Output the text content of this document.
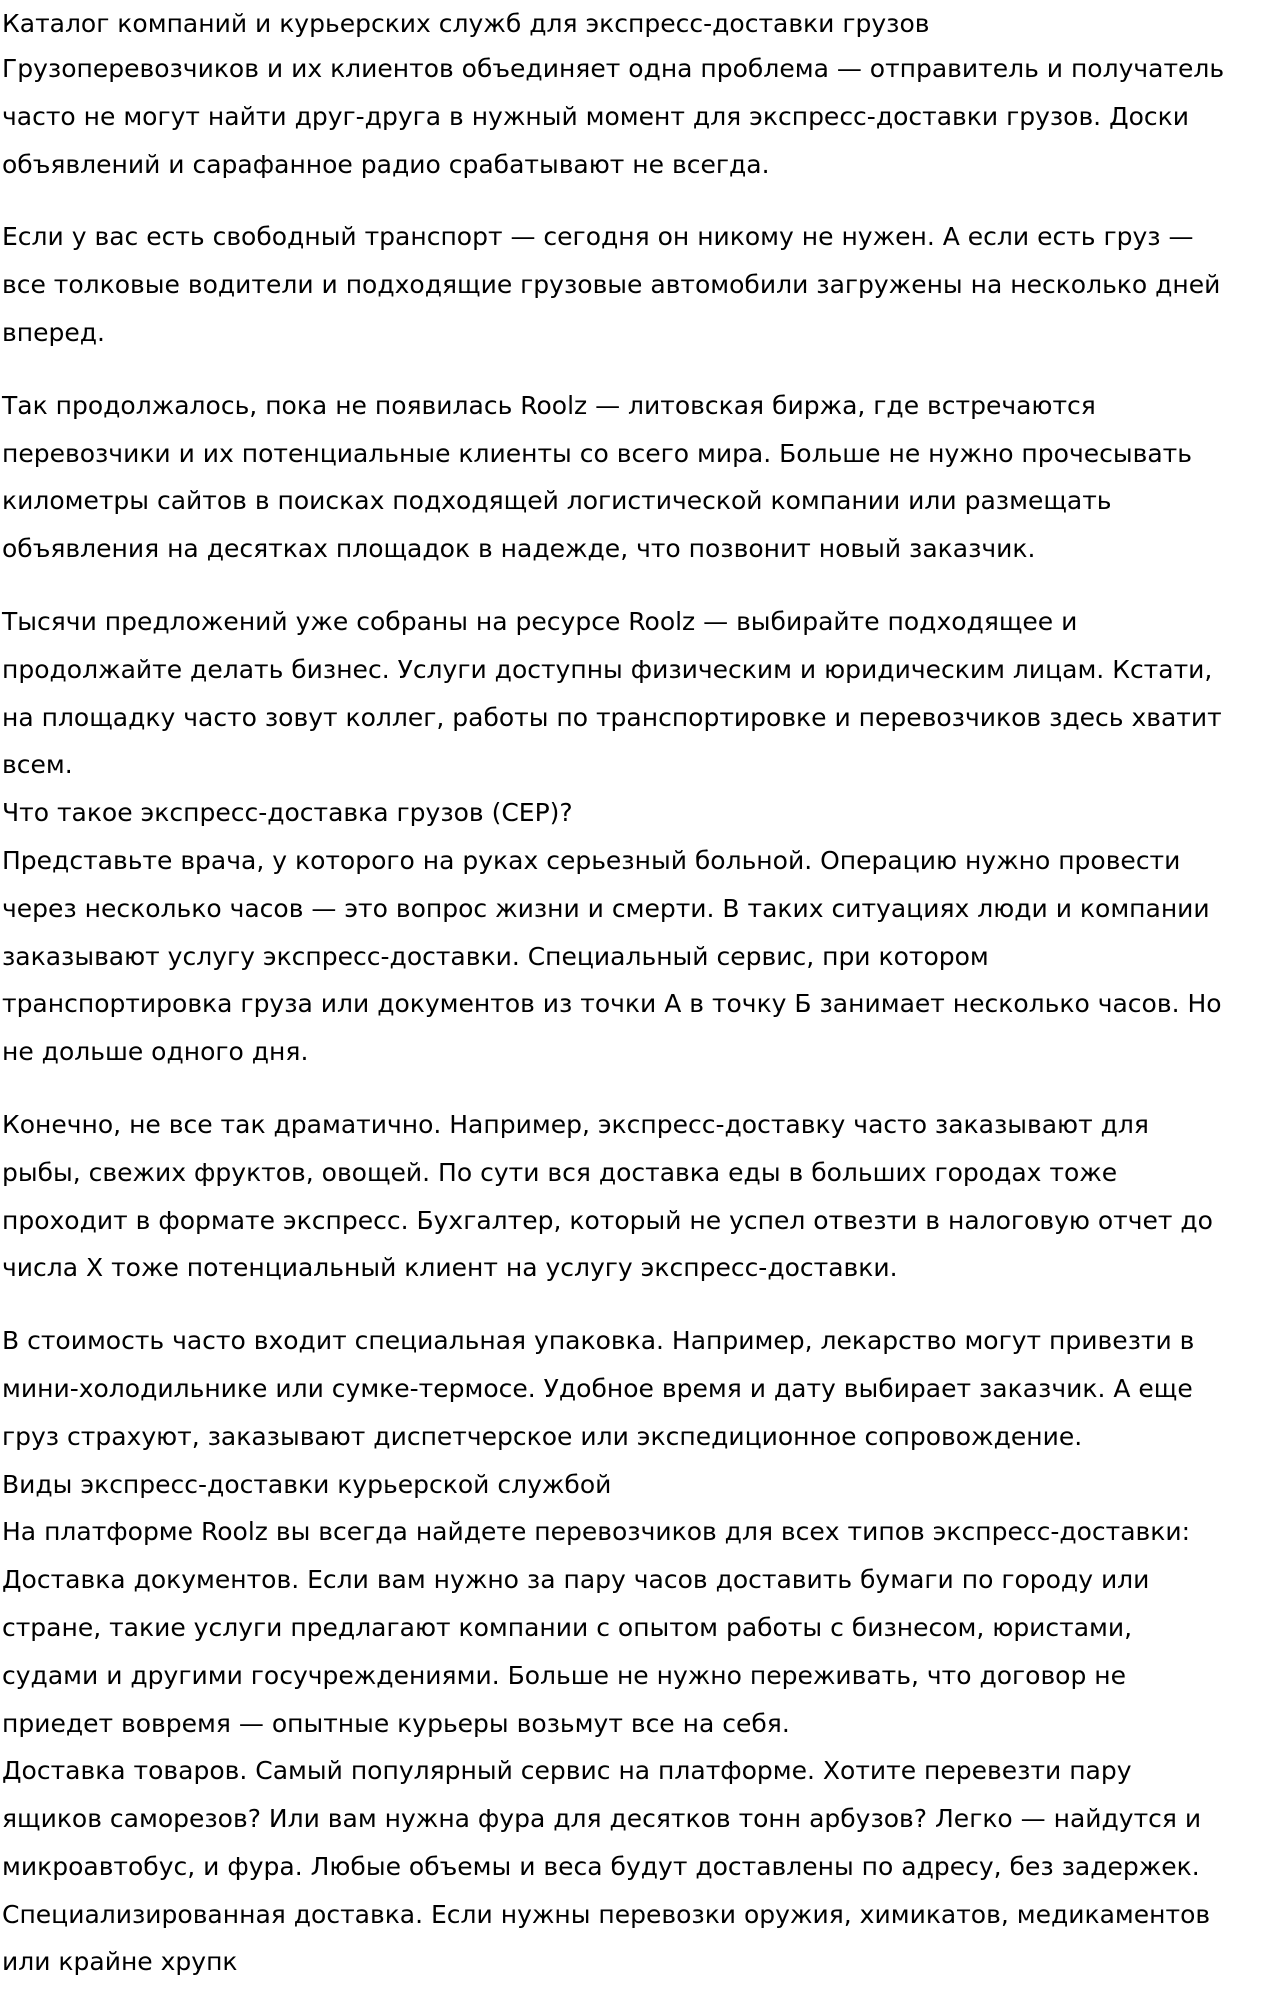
Каталог компаний и курьерских служб для экспресс-доставки грузов

Грузоперевозчиков и их клиентов объединяет одна проблема — отправитель и получатель
часто не могут найти друг-друга в нужный момент для экспресс-доставки грузов. Доски
объявлений и сарафанное радио срабатывают не всегда.

Если у вас есть свободный транспорт — сегодня он никому не нужен. А если есть груз —
все толковые водители и подходящие грузовые автомобили загружены на несколько дней
вперед.

Так продолжалось, пока не появилась Roolz — литовская биржа, где встречаются
перевозчики и их потенциальные клиенты со всего мира. Больше не нужно прочесывать
километры сайтов в поисках подходящей логистической компании или размещать
объявления на десятках площадок в надежде, что позвонит новый заказчик.

Тысячи предложений уже собраны на ресурсе Roolz — выбирайте подходящее и
продолжайте делать бизнес. Услуги доступны физическим и юридическим лицам. Кстати,
на площадку часто зовут коллег, работы по транспортировке и перевозчиков здесь хватит
всем.

Что такое экспресс-доставка грузов (CEP)?

Представьте врача, у которого на руках серьезный больной. Операцию нужно провести
через несколько часов — это вопрос жизни и смерти. В таких ситуациях люди и компании
заказывают услугу экспресс-доставки. Специальный сервис, при котором
транспортировка груза или документов из точки А в точку Б занимает несколько часов. Но
не дольше одного дня.

Конечно, не все так драматично. Например, экспресс-доставку часто заказывают для
рыбы, свежих фруктов, овощей. По сути вся доставка еды в больших городах тоже
проходит в формате экспресс. Бухгалтер, который не успел отвезти в налоговую отчет до
числа X тоже потенциальный клиент на услугу экспресс-доставки.

В стоимость часто входит специальная упаковка. Например, лекарство могут привезти в
мини-холодильнике или сумке-термосе. Удобное время и дату выбирает заказчик. А еще
груз страхуют, заказывают диспетчерское или экспедиционное сопровождение.

Виды экспресс-доставки курьерской службой

На платформе Roolz вы всегда найдете перевозчиков для всех типов экспресс-доставки:

Доставка документов. Если вам нужно за пару часов доставить бумаги по городу или
стране, такие услуги предлагают компании с опытом работы с бизнесом, юристами,
судами и другими госучреждениями. Больше не нужно переживать, что договор не
приедет вовремя — опытные курьеры возьмут все на себя.

Доставка товаров. Самый популярный сервис на платформе. Хотите перевезти пару
ящиков саморезов? Или вам нужна фура для десятков тонн арбузов? Легко — найдутся и
микроавтобус, и фура. Любые объемы и веса будут доставлены по адресу, без задержек.

Специализированная доставка. Если нужны перевозки оружия, химикатов, медикаментов
или крайне хрупк
